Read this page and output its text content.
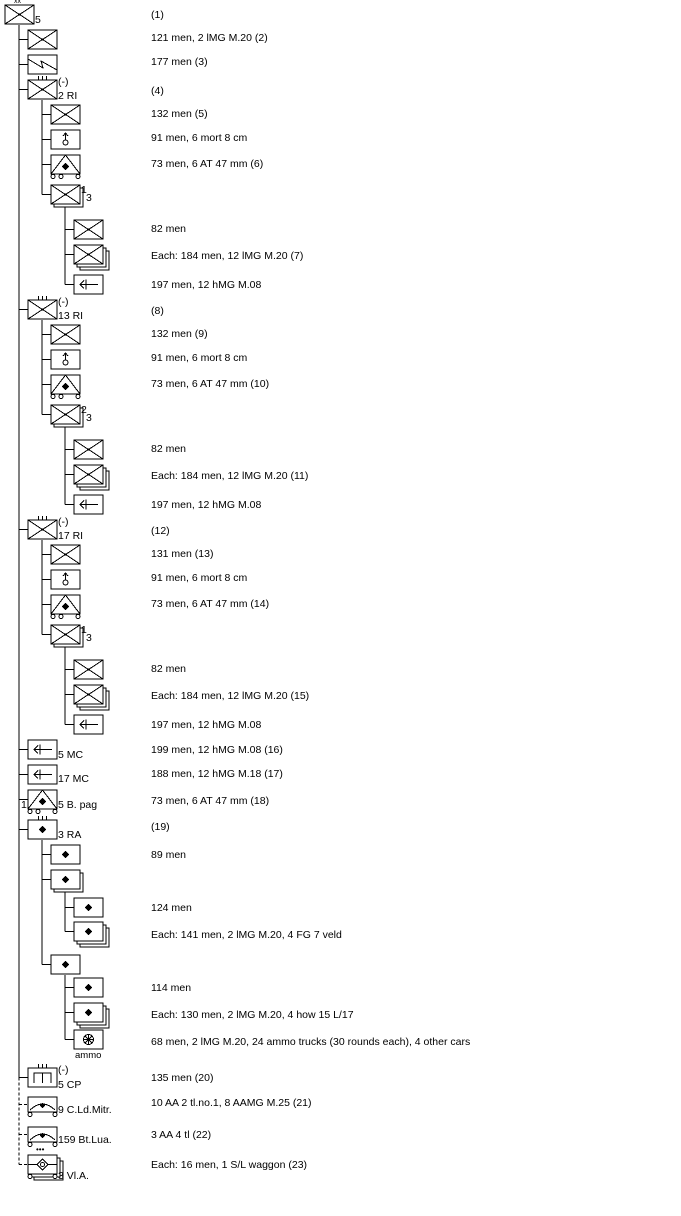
(1)
5
xx
121 men, 2 lMG M.20 (2)
177 men (3)
(4)
2 RI
(-)
132 men (5)
91 men, 6 mort 8 cm
73 men, 6 AT 47 mm (6)
1
3
82 men
Each: 184 men, 12 lMG M.20 (7)
197 men, 12 hMG M.08
(8)
13 RI
(-)
132 men (9)
91 men, 6 mort 8 cm
73 men, 6 AT 47 mm (10)
2
3
82 men
Each: 184 men, 12 lMG M.20 (11)
197 men, 12 hMG M.08
(12)
17 RI
(-)
131 men (13)
91 men, 6 mort 8 cm
73 men, 6 AT 47 mm (14)
1
3
82 men
Each: 184 men, 12 lMG M.20 (15)
197 men, 12 hMG M.08
199 men, 12 hMG M.08 (16)
5 MC
188 men, 12 hMG M.18 (17)
17 MC
73 men, 6 AT 47 mm (18)
5 B. pag
1
(19)
3 RA
89 men
124 men
Each: 141 men, 2 lMG M.20, 4 FG 7 veld
114 men
Each: 130 men, 2 lMG M.20, 4 how 15 L/17
68 men, 2 lMG M.20, 24 ammo trucks (30 rounds each), 4 other cars
ammo
135 men (20)
5 CP
(-)
10 AA 2 tl.no.1, 8 AAMG M.25 (21)
9 C.Ld.Mitr.
3 AA 4 tl (22)
159 Bt.Lua.
Each: 16 men, 1 S/L waggon (23)
3 Vl.A.
•••
